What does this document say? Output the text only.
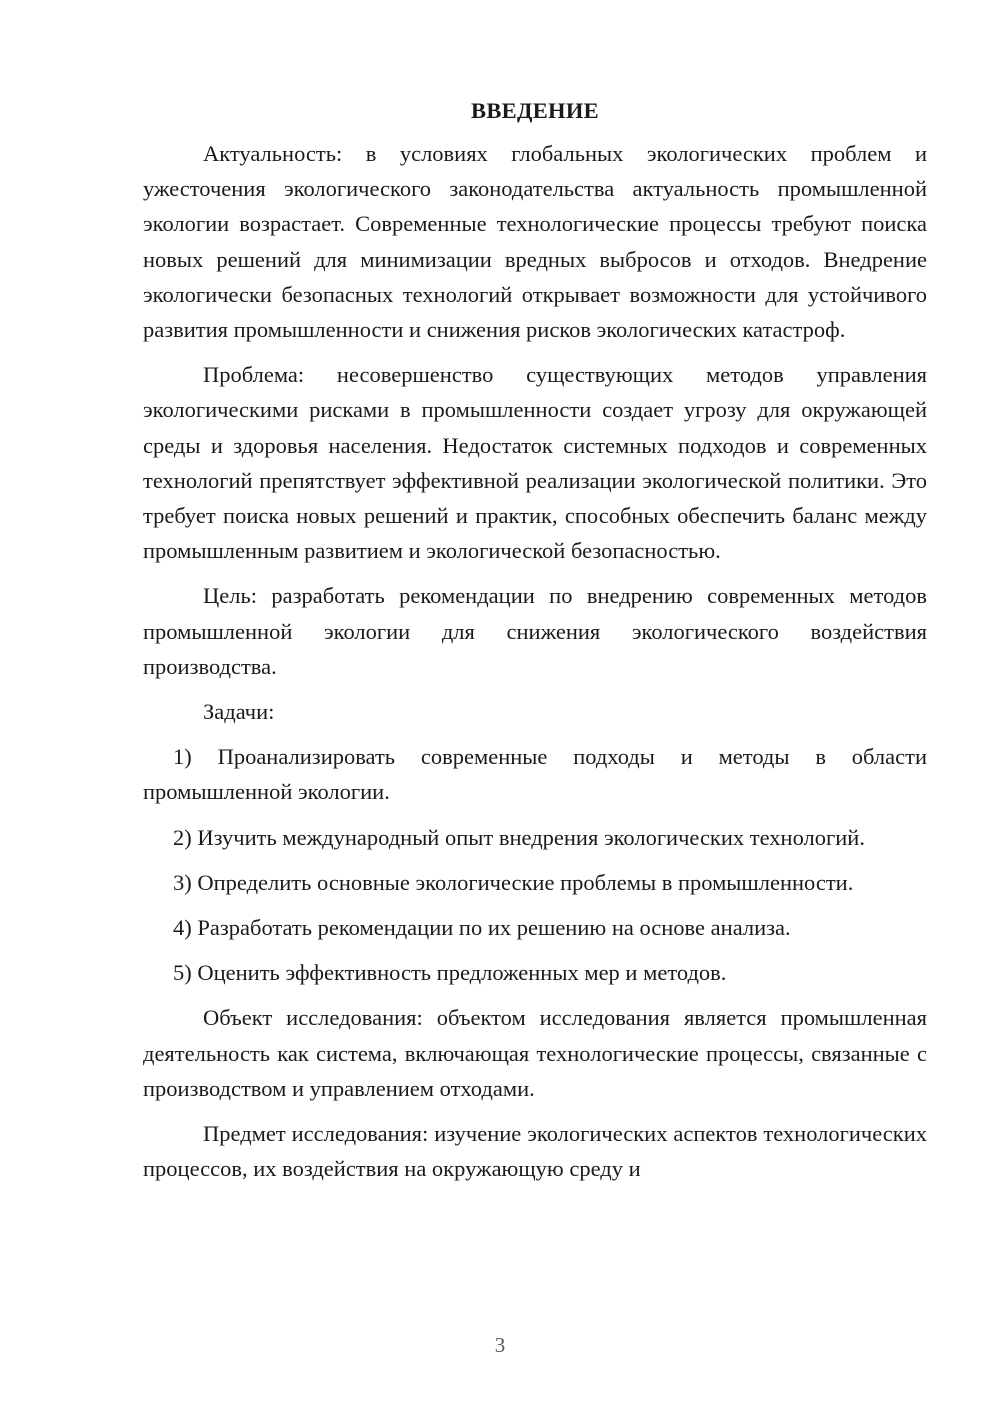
ВВЕДЕНИЕ

Актуальность: в условиях глобальных экологических проблем и ужесточения экологического законодательства актуальность промышленной экологии возрастает. Современные технологические процессы требуют поиска новых решений для минимизации вредных выбросов и отходов. Внедрение экологически безопасных технологий открывает возможности для устойчивого развития промышленности и снижения рисков экологических катастроф.

Проблема: несовершенство существующих методов управления экологическими рисками в промышленности создает угрозу для окружающей среды и здоровья населения. Недостаток системных подходов и современных технологий препятствует эффективной реализации экологической политики. Это требует поиска новых решений и практик, способных обеспечить баланс между промышленным развитием и экологической безопасностью.

Цель: разработать рекомендации по внедрению современных методов промышленной экологии для снижения экологического воздействия производства.

Задачи:

1) Проанализировать современные подходы и методы в области промышленной экологии.

2) Изучить международный опыт внедрения экологических технологий.

3) Определить основные экологические проблемы в промышленности.

4) Разработать рекомендации по их решению на основе анализа.

5) Оценить эффективность предложенных мер и методов.

Объект исследования: объектом исследования является промышленная деятельность как система, включающая технологические процессы, связанные с производством и управлением отходами.

Предмет исследования: изучение экологических аспектов технологических процессов, их воздействия на окружающую среду и

3
